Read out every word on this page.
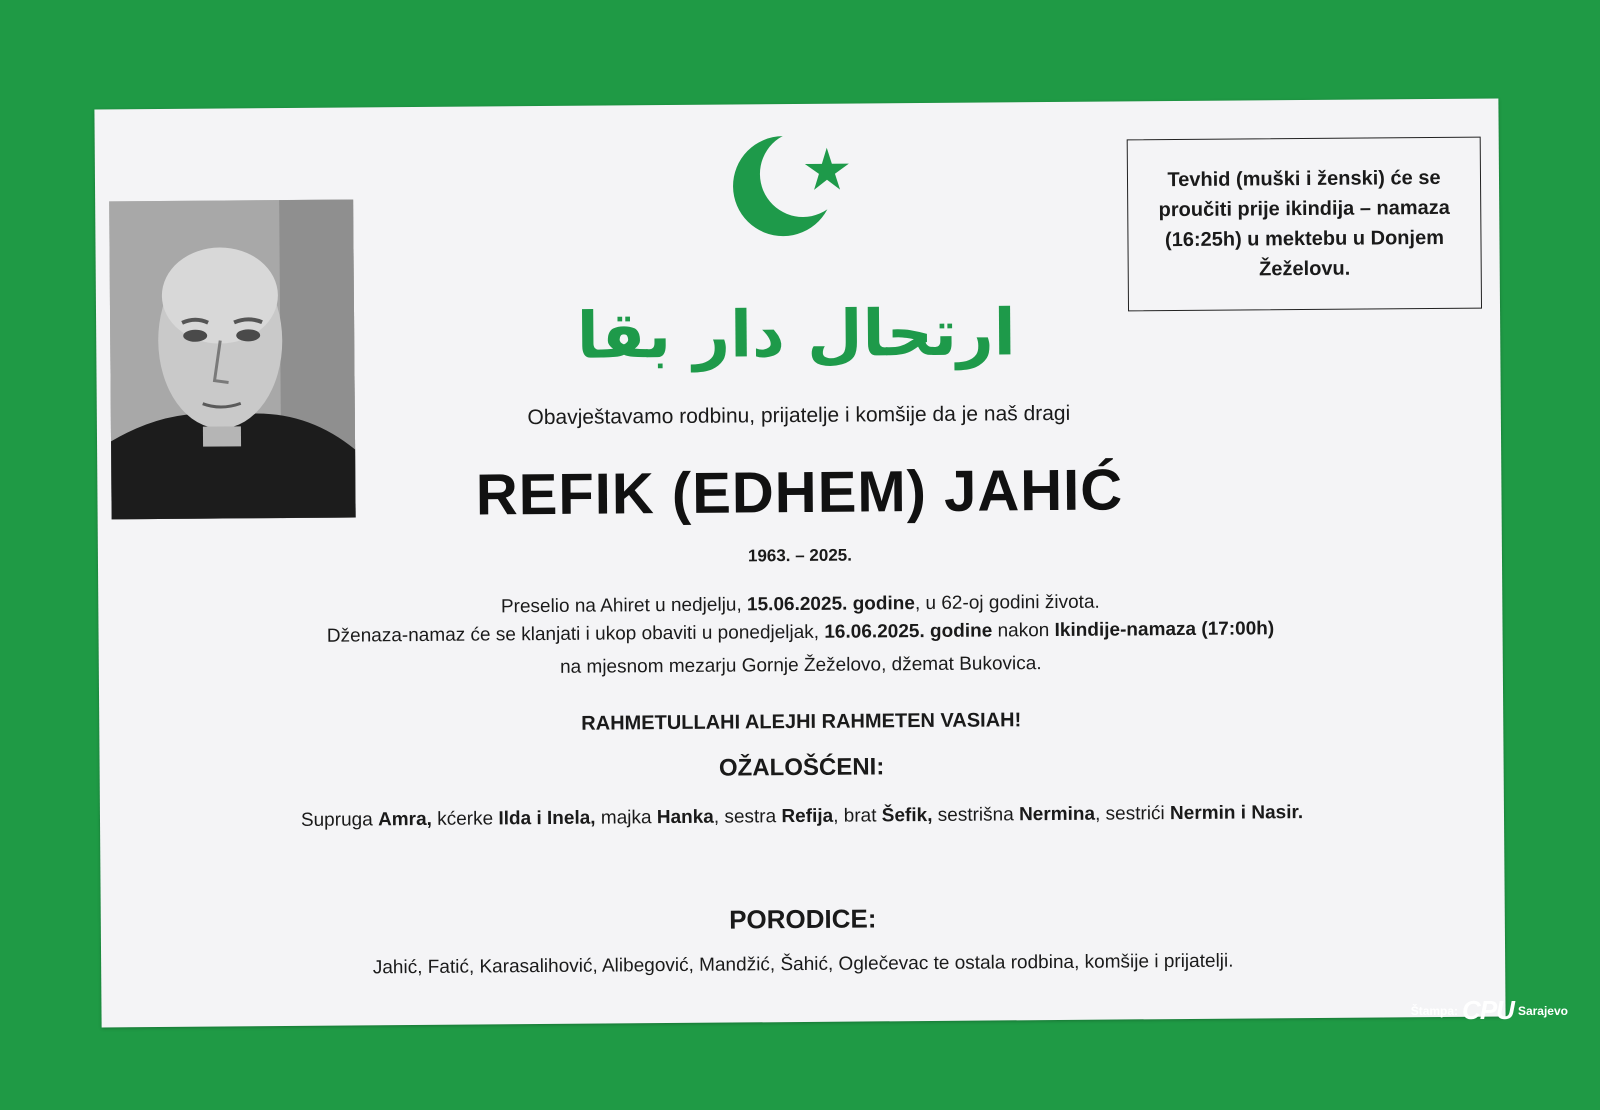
ارتحال دار بقا
Tevhid (muški i ženski) će se proučiti prije ikindija – namaza (16:25h) u mektebu u Donjem Žeželovu.
Obavještavamo rodbinu, prijatelje i komšije da je naš dragi
REFIK (EDHEM) JAHIĆ
1963. – 2025.
Preselio na Ahiret u nedjelju, 15.06.2025. godine, u 62-oj godini života.
Dženaza-namaz će se klanjati i ukop obaviti u ponedjeljak, 16.06.2025. godine nakon Ikindije-namaza (17:00h)
na mjesnom mezarju Gornje Žeželovo, džemat Bukovica.
RAHMETULLAHI ALEJHI RAHMETEN VASIAH!
OŽALOŠĆENI:
Supruga Amra, kćerke Ilda i Inela, majka Hanka, sestra Refija, brat Šefik, sestrišna Nermina, sestrići Nermin i Nasir.
PORODICE:
Jahić, Fatić, Karasalihović, Alibegović, Mandžić, Šahić, Oglečevac te ostala rodbina, komšije i prijatelji.
Štampa: CPU Sarajevo
